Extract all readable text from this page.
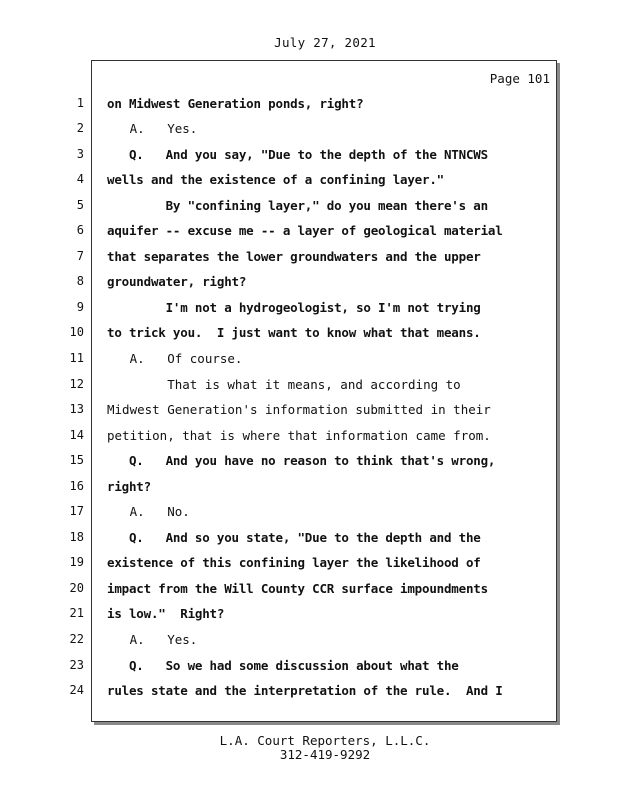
July 27, 2021
Page 101
1 on Midwest Generation ponds, right?
2 A.   Yes.
3 Q.   And you say, "Due to the depth of the NTNCWS
4 wells and the existence of a confining layer."
5 By "confining layer," do you mean there's an
6 aquifer -- excuse me -- a layer of geological material
7 that separates the lower groundwaters and the upper
8 groundwater, right?
9 I'm not a hydrogeologist, so I'm not trying
10 to trick you.  I just want to know what that means.
11 A.   Of course.
12 That is what it means, and according to
13 Midwest Generation's information submitted in their
14 petition, that is where that information came from.
15 Q.   And you have no reason to think that's wrong,
16 right?
17 A.   No.
18 Q.   And so you state, "Due to the depth and the
19 existence of this confining layer the likelihood of
20 impact from the Will County CCR surface impoundments
21 is low."  Right?
22 A.   Yes.
23 Q.   So we had some discussion about what the
24 rules state and the interpretation of the rule.  And I
L.A. Court Reporters, L.L.C.
312-419-9292
